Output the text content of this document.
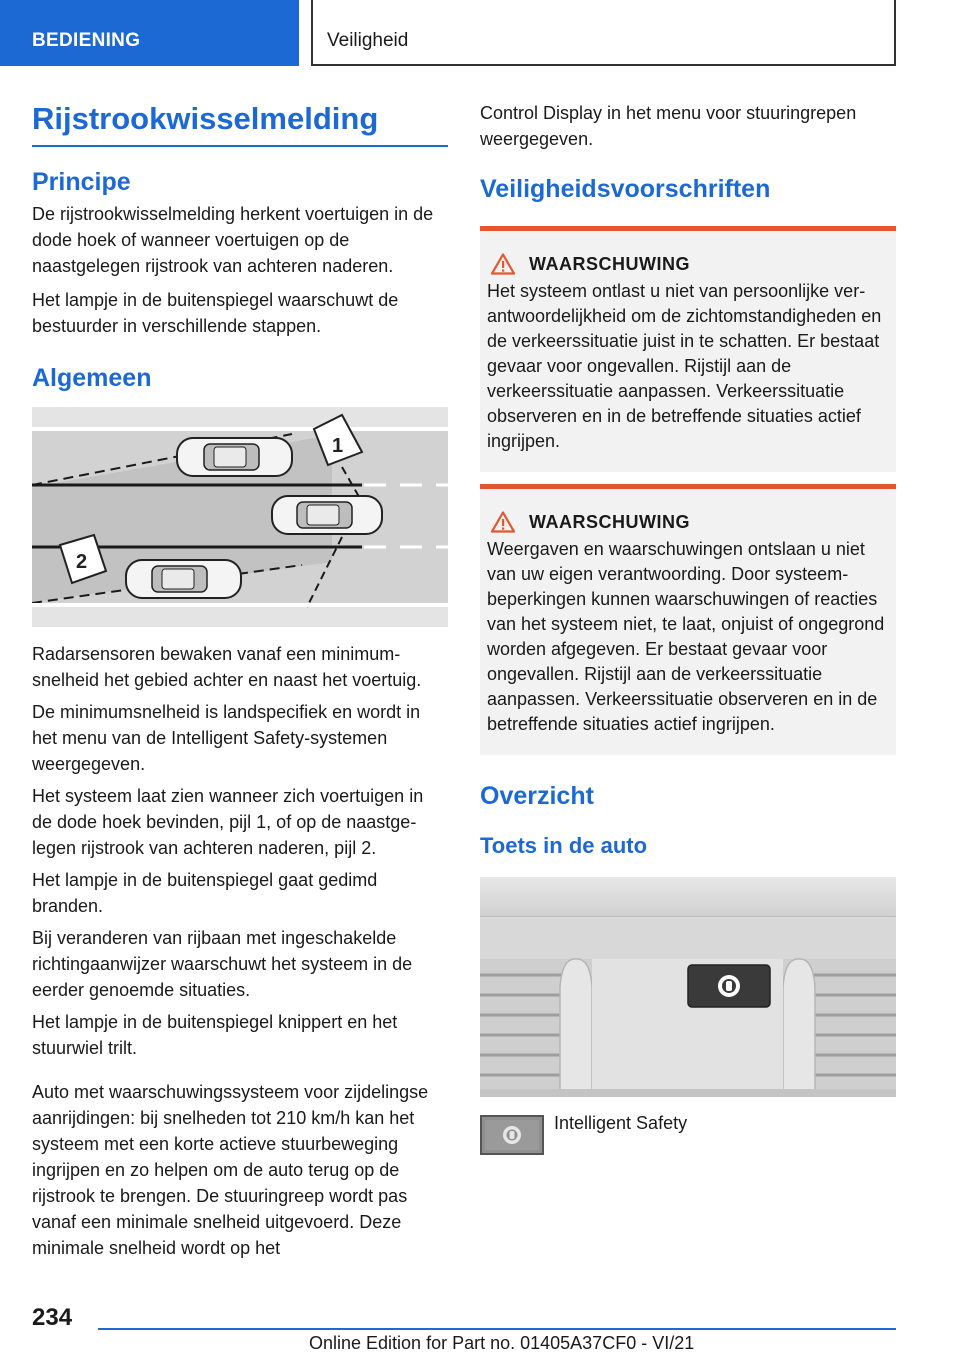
BEDIENING	Veiligheid
Rijstrookwisselmelding
Principe

De rijstrookwisselmelding herkent voertuigen in de dode hoek of wanneer voertuigen op de naastgelegen rijstrook van achteren naderen.

Het lampje in de buitenspiegel waarschuwt de bestuurder in verschillende stappen.

Algemeen
1
2

Radarsensoren bewaken vanaf een minimumsnelheid het gebied achter en naast het voertuig.

De minimumsnelheid is landspecifiek en wordt in het menu van de Intelligent Safety-systemen weergegeven.

Het systeem laat zien wanneer zich voertuigen in de dode hoek bevinden, pijl 1, of op de naastgelegen rijstrook van achteren naderen, pijl 2.

Het lampje in de buitenspiegel gaat gedimd branden.

Bij veranderen van rijbaan met ingeschakelde richtingaanwijzer waarschuwt het systeem in de eerder genoemde situaties.

Het lampje in de buitenspiegel knippert en het stuurwiel trilt.

Auto met waarschuwingssysteem voor zijdelingse aanrijdingen: bij snelheden tot 210 km/h kan het systeem met een korte actieve stuurbeweging ingrijpen en zo helpen om de auto terug op de rijstrook te brengen. De stuuringreep wordt pas vanaf een minimale snelheid uitgevoerd. Deze minimale snelheid wordt op het

Control Display in het menu voor stuuringrepen weergegeven.

Veiligheidsvoorschriften
WAARSCHUWING

Het systeem ontlast u niet van persoonlijke verantwoordelijkheid om de zichtomstandigheden en de verkeerssituatie juist in te schatten. Er bestaat gevaar voor ongevallen. Rijstijl aan de verkeerssituatie aanpassen. Verkeerssituatie observeren en in de betreffende situaties actief ingrijpen.

WAARSCHUWING

Weergaven en waarschuwingen ontslaan u niet van uw eigen verantwoording. Door systeembeperkingen kunnen waarschuwingen of reacties van het systeem niet, te laat, onjuist of ongegrond worden afgegeven. Er bestaat gevaar voor ongevallen. Rijstijl aan de verkeerssituatie aanpassen. Verkeerssituatie observeren en in de betreffende situaties actief ingrijpen.

Overzicht
Toets in de auto
Intelligent Safety
234
Online Edition for Part no. 01405A37CF0 - VI/21
